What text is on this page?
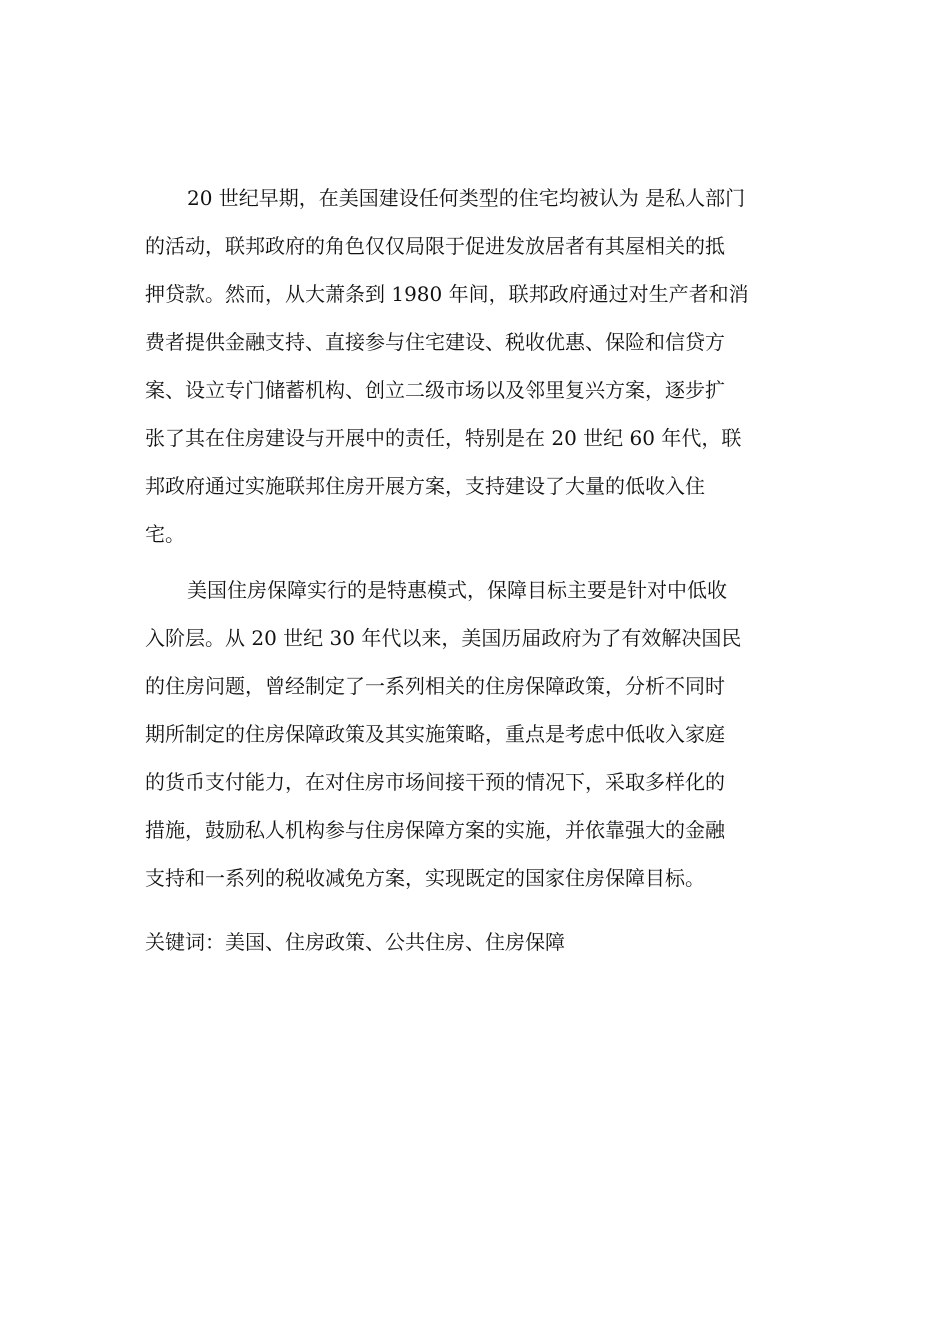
20 世纪早期，在美国建设任何类型的住宅均被认为 是私人部门
的活动，联邦政府的角色仅仅局限于促进发放居者有其屋相关的抵
押贷款。然而，从大萧条到 1980 年间，联邦政府通过对生产者和消
费者提供金融支持、直接参与住宅建设、税收优惠、保险和信贷方
案、设立专门储蓄机构、创立二级市场以及邻里复兴方案，逐步扩
张了其在住房建设与开展中的责任，特别是在 20 世纪 60 年代，联
邦政府通过实施联邦住房开展方案，支持建设了大量的低收入住
宅。
美国住房保障实行的是特惠模式，保障目标主要是针对中低收
入阶层。从 20 世纪 30 年代以来，美国历届政府为了有效解决国民
的住房问题，曾经制定了一系列相关的住房保障政策，分析不同时
期所制定的住房保障政策及其实施策略，重点是考虑中低收入家庭
的货币支付能力，在对住房市场间接干预的情况下，采取多样化的
措施，鼓励私人机构参与住房保障方案的实施，并依靠强大的金融
支持和一系列的税收减免方案，实现既定的国家住房保障目标。
关键词：美国、住房政策、公共住房、住房保障
